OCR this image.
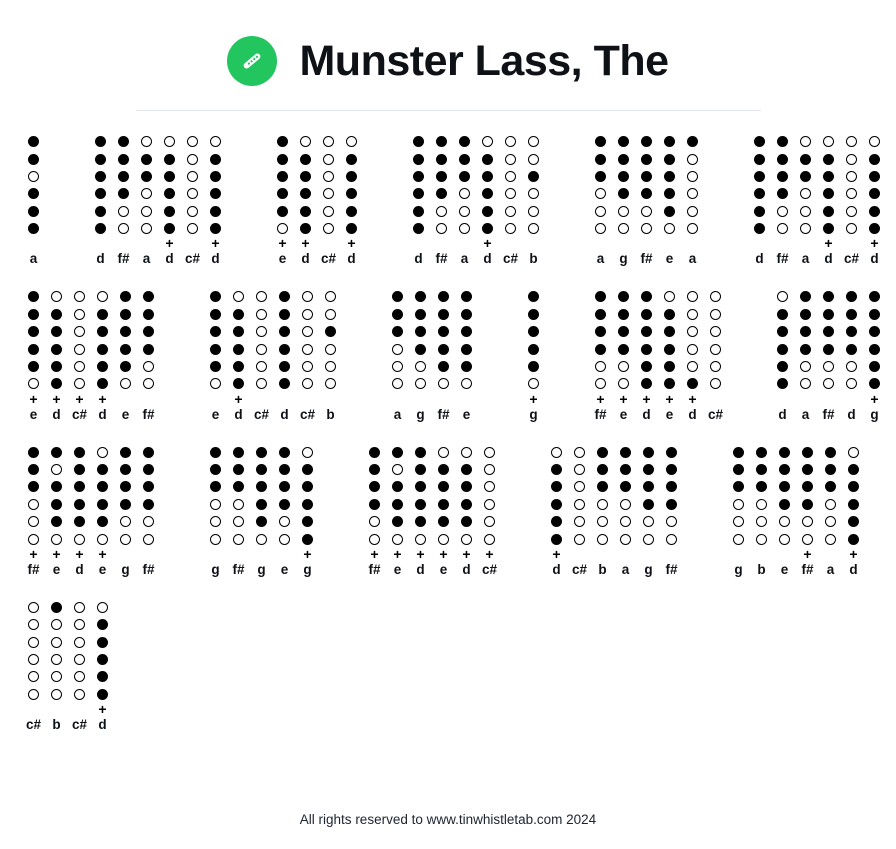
Munster Lass, The
a
+	+
d f# a	d c# d
+	+	+
e	d c# d
+
d f# a	d c# b	a	g f# e	a
+	+
d f# a	d c# d
+	+	+	+
e	d c# d	e f#
+
e	d c# d c# b	a	g f# e
+
g
+	+	+	+	+
f# e	d	e	d c#
+
d	a f# d	g
+	+	+	+
f# e	d	e	g f#
+
g f# g	e	g
+	+	+	+	+	+
f# e	d	e	d c#
+
d c# b	a	g f#
+	+
g	b	e f# a	d
+
c# b c# d
All rights reserved to www.tinwhistletab.com 2024
